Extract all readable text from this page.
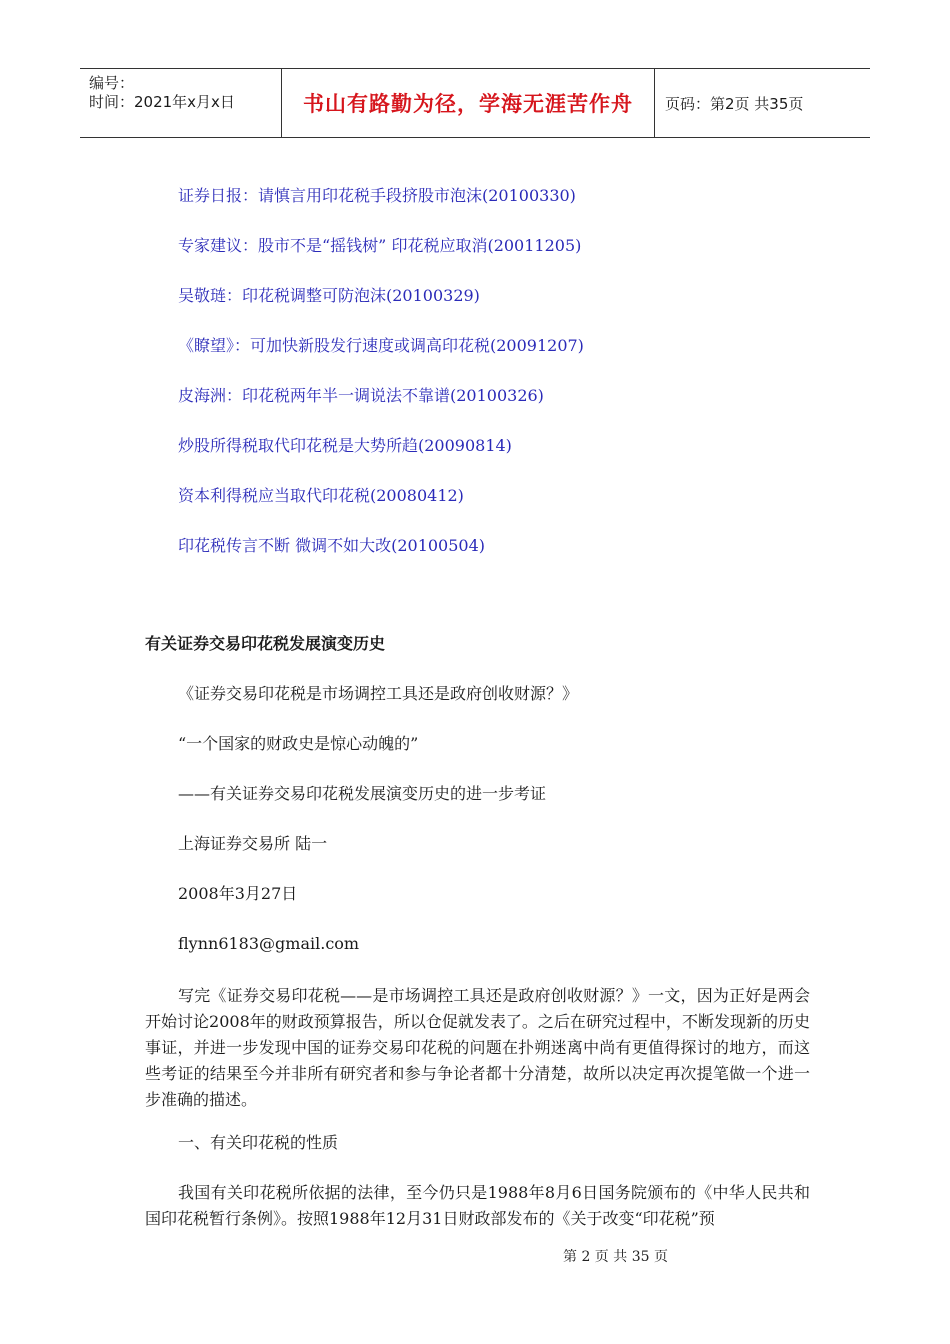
编号：
时间：2021年x月x日	书山有路勤为径，学海无涯苦作舟 页码：第2页 共35页
证券日报：请慎言用印花税手段挤股市泡沫(20100330)
专家建议：股市不是“摇钱树” 印花税应取消(20011205)
吴敬琏：印花税调整可防泡沫(20100329)
《瞭望》：可加快新股发行速度或调高印花税(20091207)
皮海洲：印花税两年半一调说法不靠谱(20100326)
炒股所得税取代印花税是大势所趋(20090814)
资本利得税应当取代印花税(20080412)
印花税传言不断 微调不如大改(20100504)
有关证券交易印花税发展演变历史
《证券交易印花税是市场调控工具还是政府创收财源？》
“一个国家的财政史是惊心动魄的”
——有关证券交易印花税发展演变历史的进一步考证
上海证券交易所 陆一
2008年3月27日
flynn6183@gmail.com

写完《证券交易印花税——是市场调控工具还是政府创收财源？》一文，因为正好是两会开始讨论2008年的财政预算报告，所以仓促就发表了。之后在研究过程中，不断发现新的历史事证，并进一步发现中国的证券交易印花税的问题在扑朔迷离中尚有更值得探讨的地方，而这些考证的结果至今并非所有研究者和参与争论者都十分清楚，故所以决定再次提笔做一个进一步准确的描述。

一、有关印花税的性质

我国有关印花税所依据的法律，至今仍只是1988年8月6日国务院颁布的《中华人民共和国印花税暂行条例》。按照1988年12月31日财政部发布的《关于改变“印花税”预

第 2 页 共 35 页
